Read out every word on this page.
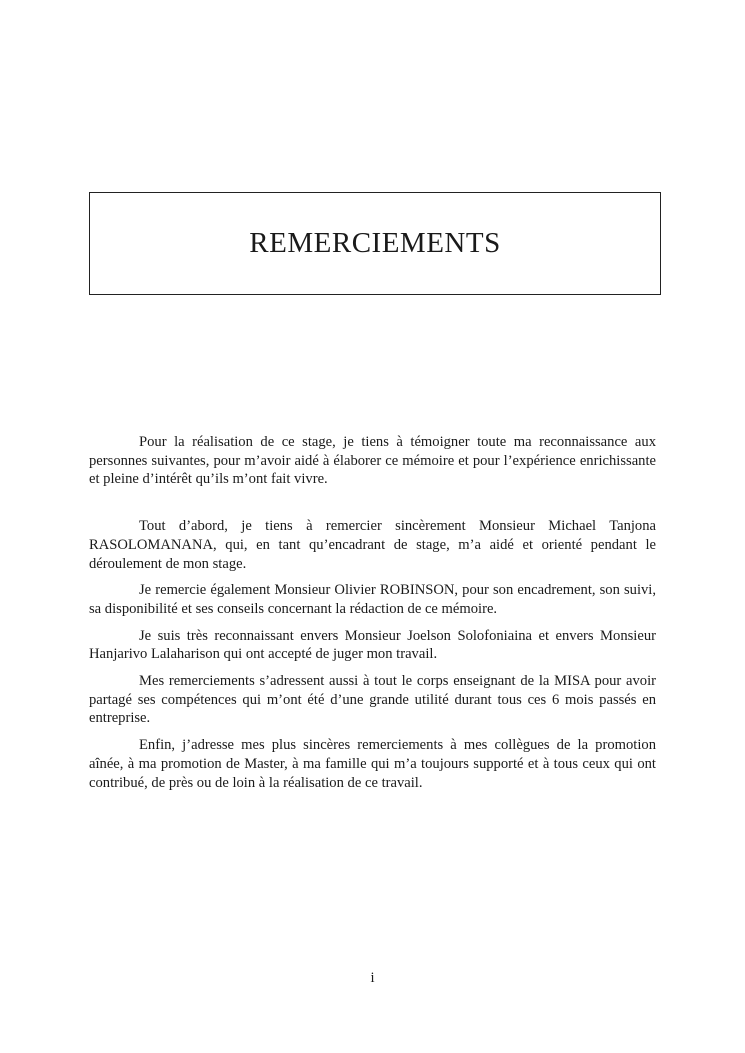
REMERCIEMENTS

Pour la réalisation de ce stage, je tiens à témoigner toute ma reconnaissance aux personnes suivantes, pour m’avoir aidé à élaborer ce mémoire et pour l’expérience enrichissante et pleine d’intérêt qu’ils m’ont fait vivre.

Tout d’abord, je tiens à remercier sincèrement Monsieur Michael Tanjona RASOLOMANANA, qui, en tant qu’encadrant de stage, m’a aidé et orienté pendant le déroulement de mon stage.

Je remercie également Monsieur Olivier ROBINSON, pour son encadrement, son suivi, sa disponibilité et ses conseils concernant la rédaction de ce mémoire.

Je suis très reconnaissant envers Monsieur Joelson Solofoniaina et envers Monsieur Hanjarivo Lalaharison qui ont accepté de juger mon travail.

Mes remerciements s’adressent aussi à tout le corps enseignant de la MISA pour avoir partagé ses compétences qui m’ont été d’une grande utilité durant tous ces 6 mois passés en entreprise.

Enfin, j’adresse mes plus sincères remerciements à mes collègues de la promotion aînée, à ma promotion de Master, à ma famille qui m’a toujours supporté et à tous ceux qui ont contribué, de près ou de loin à la réalisation de ce travail.

i
